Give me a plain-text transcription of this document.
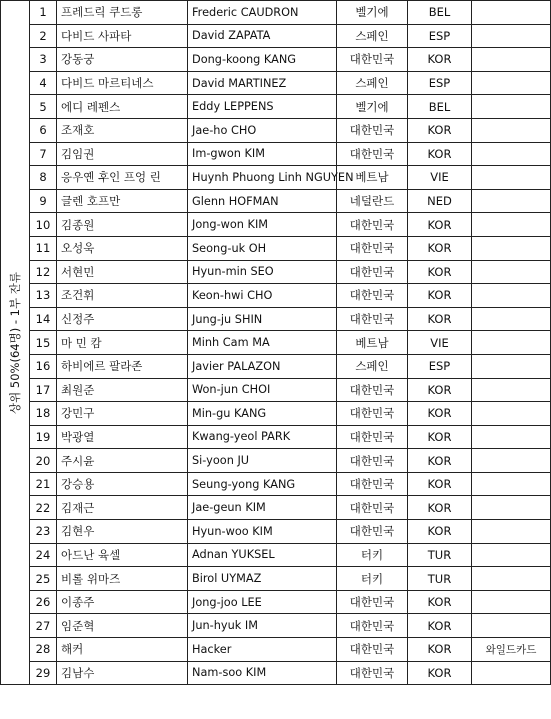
상위 50%(64명) - 1부 잔류	1	프레드릭 쿠드롱	Frederic CAUDRON	벨기에	BEL	
	2	다비드 사파타	David ZAPATA	스페인	ESP	
	3	강동궁	Dong-koong KANG	대한민국	KOR	
	4	다비드 마르티네스	David MARTINEZ	스페인	ESP	
	5	에디 레펜스	Eddy LEPPENS	벨기에	BEL	
	6	조재호	Jae-ho CHO	대한민국	KOR	
	7	김임권	Im-gwon KIM	대한민국	KOR	
	8	응우옌 후인 프엉 린	Huynh Phuong Linh NGUYEN	베트남	VIE	
	9	글렌 호프만	Glenn HOFMAN	네덜란드	NED	
	10	김종원	Jong-won KIM	대한민국	KOR	
	11	오성욱	Seong-uk OH	대한민국	KOR	
	12	서현민	Hyun-min SEO	대한민국	KOR	
	13	조건휘	Keon-hwi CHO	대한민국	KOR	
	14	신정주	Jung-ju SHIN	대한민국	KOR	
	15	마 민 캄	Minh Cam MA	베트남	VIE	
	16	하비에르 팔라존	Javier PALAZON	스페인	ESP	
	17	최원준	Won-jun CHOI	대한민국	KOR	
	18	강민구	Min-gu KANG	대한민국	KOR	
	19	박광열	Kwang-yeol PARK	대한민국	KOR	
	20	주시윤	Si-yoon JU	대한민국	KOR	
	21	강승용	Seung-yong KANG	대한민국	KOR	
	22	김재근	Jae-geun KIM	대한민국	KOR	
	23	김현우	Hyun-woo KIM	대한민국	KOR	
	24	아드난 육셀	Adnan YUKSEL	터키	TUR	
	25	비롤 위마즈	Birol UYMAZ	터키	TUR	
	26	이종주	Jong-joo LEE	대한민국	KOR	
	27	임준혁	Jun-hyuk IM	대한민국	KOR	
	28	해커	Hacker	대한민국	KOR	와일드카드
	29	김남수	Nam-soo KIM	대한민국	KOR	
